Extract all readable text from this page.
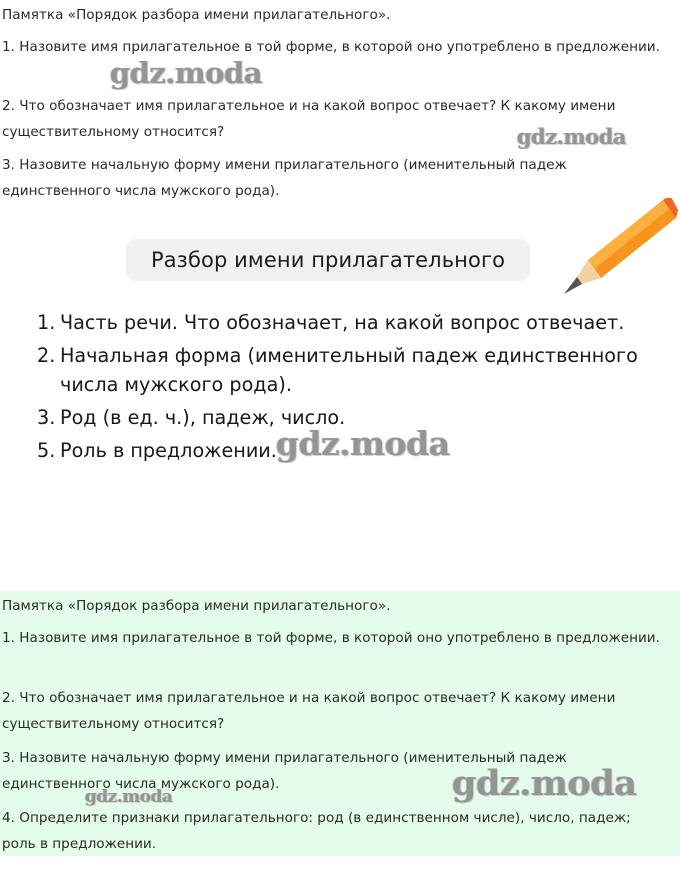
Памятка «Порядок разбора имени прилагательного».

1. Назовите имя прилагательное в той форме, в которой оно употреблено в предложении.

2. Что обозначает имя прилагательное и на какой вопрос отвечает? К какому имени существительному относится?

3. Назовите начальную форму имени прилагательного (именительный падеж единственного числа мужского рода).

Разбор имени прилагательного
1. Часть речи. Что обозначает, на какой вопрос отвечает.
2. Начальная форма (именительный падеж единственного числа мужского рода).
3. Род (в ед. ч.), падеж, число.
5. Роль в предложении.

Памятка «Порядок разбора имени прилагательного».

1. Назовите имя прилагательное в той форме, в которой оно употреблено в предложении.

2. Что обозначает имя прилагательное и на какой вопрос отвечает? К какому имени существительному относится?

3. Назовите начальную форму имени прилагательного (именительный падеж единственного числа мужского рода).

4. Определите признаки прилагательного: род (в единственном числе), число, падеж; роль в предложении.

gdz.moda
gdz.moda
gdz.moda
gdz.moda
gdz.moda
